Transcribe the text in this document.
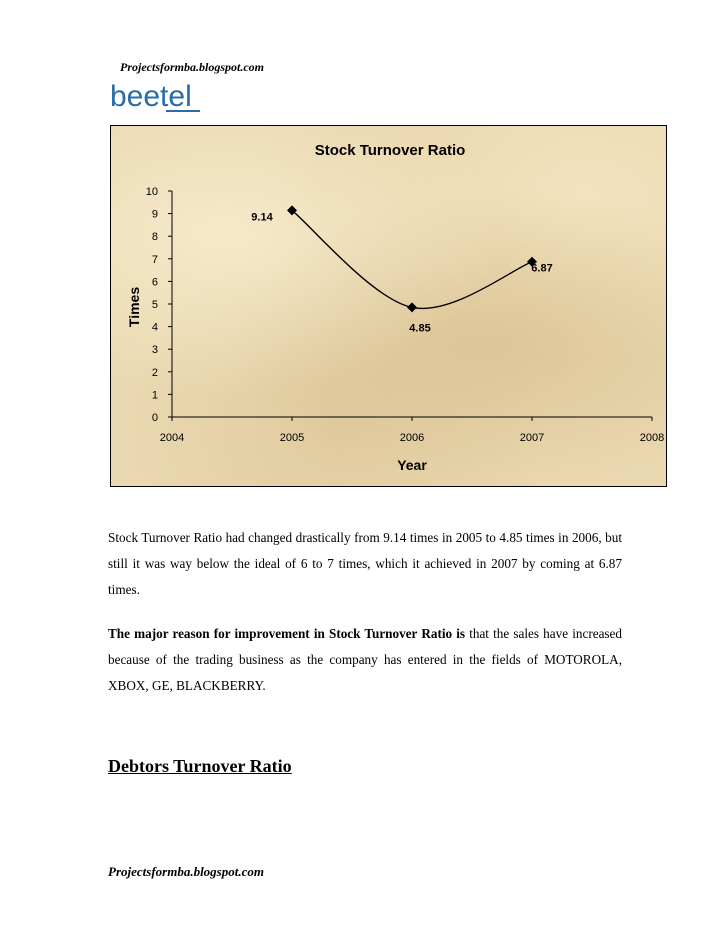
Projectsformba.blogspot.com
beetel
Stock Turnover Ratio
0
1
2
3
4
5
6
7
8
9
10
2004	2005	2006	2007	2008
Year
Times
9.14
4.85
6.87

Stock Turnover Ratio had changed drastically from 9.14 times in 2005 to 4.85 times in 2006, but still it was way below the ideal of 6 to 7 times, which it achieved in 2007 by coming at 6.87 times.

The major reason for improvement in Stock Turnover Ratio is that the sales have increased because of the trading business as the company has entered in the fields of MOTOROLA, XBOX, GE, BLACKBERRY.

Debtors Turnover Ratio
Projectsformba.blogspot.com
